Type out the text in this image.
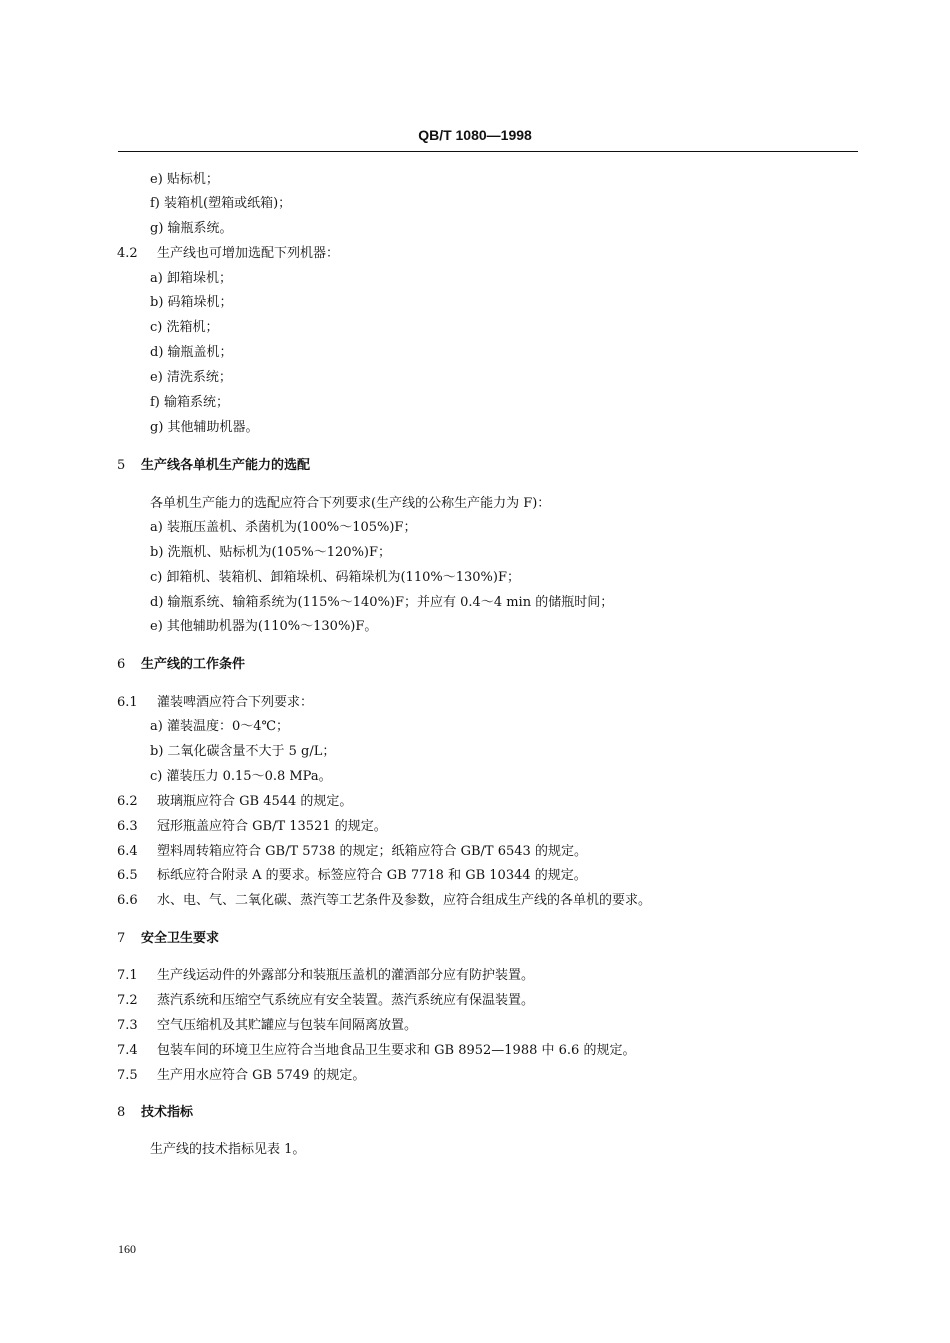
QB/T 1080—1998
e) 贴标机；
f) 装箱机(塑箱或纸箱)；
g) 输瓶系统。
4.2 生产线也可增加选配下列机器：
a) 卸箱垛机；
b) 码箱垛机；
c) 洗箱机；
d) 输瓶盖机；
e) 清洗系统；
f) 输箱系统；
g) 其他辅助机器。
5 生产线各单机生产能力的选配
各单机生产能力的选配应符合下列要求(生产线的公称生产能力为 F)：
a) 装瓶压盖机、杀菌机为(100%～105%)F；
b) 洗瓶机、贴标机为(105%～120%)F；
c) 卸箱机、装箱机、卸箱垛机、码箱垛机为(110%～130%)F；
d) 输瓶系统、输箱系统为(115%～140%)F；并应有 0.4～4 min 的储瓶时间；
e) 其他辅助机器为(110%～130%)F。
6 生产线的工作条件
6.1 灌装啤酒应符合下列要求：
a) 灌装温度：0～4℃；
b) 二氧化碳含量不大于 5 g/L；
c) 灌装压力 0.15～0.8 MPa。
6.2 玻璃瓶应符合 GB 4544 的规定。
6.3 冠形瓶盖应符合 GB/T 13521 的规定。
6.4 塑料周转箱应符合 GB/T 5738 的规定；纸箱应符合 GB/T 6543 的规定。
6.5 标纸应符合附录 A 的要求。标签应符合 GB 7718 和 GB 10344 的规定。
6.6 水、电、气、二氧化碳、蒸汽等工艺条件及参数，应符合组成生产线的各单机的要求。
7 安全卫生要求
7.1 生产线运动件的外露部分和装瓶压盖机的灌酒部分应有防护装置。
7.2 蒸汽系统和压缩空气系统应有安全装置。蒸汽系统应有保温装置。
7.3 空气压缩机及其贮罐应与包装车间隔离放置。
7.4 包装车间的环境卫生应符合当地食品卫生要求和 GB 8952—1988 中 6.6 的规定。
7.5 生产用水应符合 GB 5749 的规定。
8 技术指标
生产线的技术指标见表 1。
160
